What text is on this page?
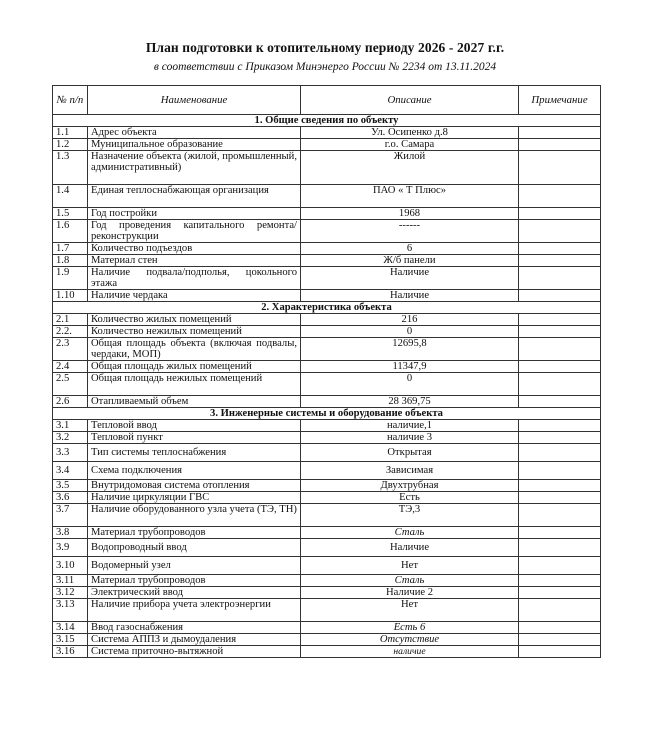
План подготовки к отопительному периоду 2026 - 2027 г.г.
в соответствии с Приказом Минэнерго России № 2234 от 13.11.2024
№ п/п	Наименование	Описание	Примечание
1. Общие сведения по объекту			
1.1	Адрес объекта	Ул. Осипенко д.8	
1.2	Муниципальное образование	г.о. Самара	
1.3	Назначение объекта (жилой, промышленный, административный)	Жилой	
1.4	Единая теплоснабжающая организация	ПАО « Т Плюс»	
1.5	Год постройки	1968	
1.6	Год проведения капитального ремонта/реконструкции	------	
1.7	Количество подъездов	6	
1.8	Материал стен	Ж/б панели	
1.9	Наличие подвала/подполья, цокольного этажа	Наличие	
1.10	Наличие чердака	Наличие	
2. Характеристика объекта			
2.1	Количество жилых помещений	216	
2.2.	Количество нежилых помещений	0	
2.3	Общая площадь объекта (включая подвалы, чердаки, МОП)	12695,8	
2.4	Общая площадь жилых помещений	11347,9	
2.5	Общая площадь нежилых помещений	0	
2.6	Отапливаемый объем	28 369,75	
3. Инженерные системы и оборудование объекта			
3.1	Тепловой ввод	наличие,1	
3.2	Тепловой пункт	наличие 3	
3.3	Тип системы теплоснабжения	Открытая	
3.4	Схема подключения	Зависимая	
3.5	Внутридомовая система отопления	Двухтрубная	
3.6	Наличие циркуляции ГВС	Есть	
3.7	Наличие оборудованного узла учета (ТЭ, ТН)	ТЭ,3	
3.8	Материал трубопроводов	Сталь	
3.9	Водопроводный ввод	Наличие	
3.10	Водомерный узел	Нет	
3.11	Материал трубопроводов	Сталь	
3.12	Электрический ввод	Наличие 2	
3.13	Наличие прибора учета электроэнергии	Нет	
3.14	Ввод газоснабжения	Есть 6	
3.15	Система АППЗ и дымоудаления	Отсутствие	
3.16	Система приточно-вытяжной	наличие	
